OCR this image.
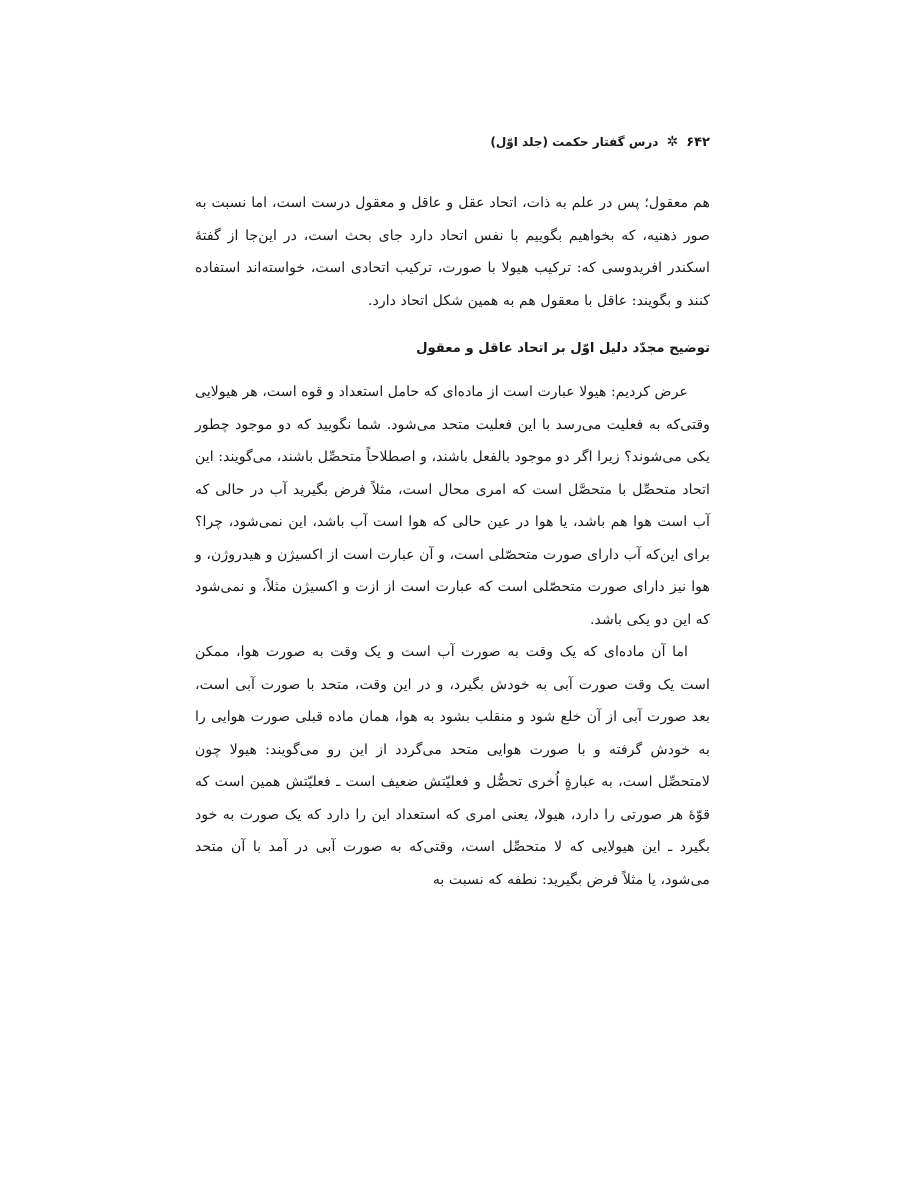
۶۴۲
✲
درس گفتار حکمت (جلد اوّل)

هم معقول؛ پس در علم به ذات، اتحاد عقل و عاقل و معقول درست است، اما نسبت به صور ذهنیه، که بخواهیم بگوییم با نفس اتحاد دارد جای بحث است، در این‌جا از گفتهٔ اسکندر افریدوسی که: ترکیب هیولا با صورت، ترکیب اتحادی است، خواسته‌اند استفاده کنند و بگویند: عاقل با معقول هم به همین شکل اتحاد دارد.

توضیح مجدّد دلیل اوّل بر اتحاد عاقل و معقول

عرض کردیم: هیولا عبارت است از ماده‌ای که حامل استعداد و قوه است، هر هیولایی وقتی‌که به فعلیت می‌رسد با این فعلیت متحد می‌شود. شما نگویید که دو موجود چطور یکی می‌شوند؟ زیرا اگر دو موجود بالفعل باشند، و اصطلاحاً متحصِّل باشند، می‌گویند: این اتحاد متحصِّل با متحصَّل است که امری محال است، مثلاً فرض بگیرید آب در حالی که آب است هوا هم باشد، یا هوا در عین حالی که هوا است آب باشد، این نمی‌شود، چرا؟ برای این‌که آب دارای صورت متحصّلی است، و آن عبارت است از اکسیژن و هیدروژن، و هوا نیز دارای صورت متحصّلی است که عبارت است از ازت و اکسیژن مثلاً، و نمی‌شود که این دو یکی باشد.

اما آن ماده‌ای که یک وقت به صورت آب است و یک وقت به صورت هوا، ممکن است یک وقت صورت آبی به خودش بگیرد، و در این وقت، متحد با صورت آبی است، بعد صورت آبی از آن خلع شود و منقلب بشود به هوا، همان ماده قبلی صورت هوایی را به خودش گرفته و با صورت هوایی متحد می‌گردد از این رو می‌گویند: هیولا چون لامتحصِّل است، به عبارةٍ اُخری تحصُّل و فعلیّتش ضعیف است ـ فعلیّتش همین است که قوّهٔ هر صورتی را دارد، هیولا، یعنی امری که استعداد این را دارد که یک صورت به خود بگیرد ـ این هیولایی که لا متحصِّل است، وقتی‌که به صورت آبی در آمد با آن متحد می‌شود، یا مثلاً فرض بگیرید: نطفه که نسبت به
